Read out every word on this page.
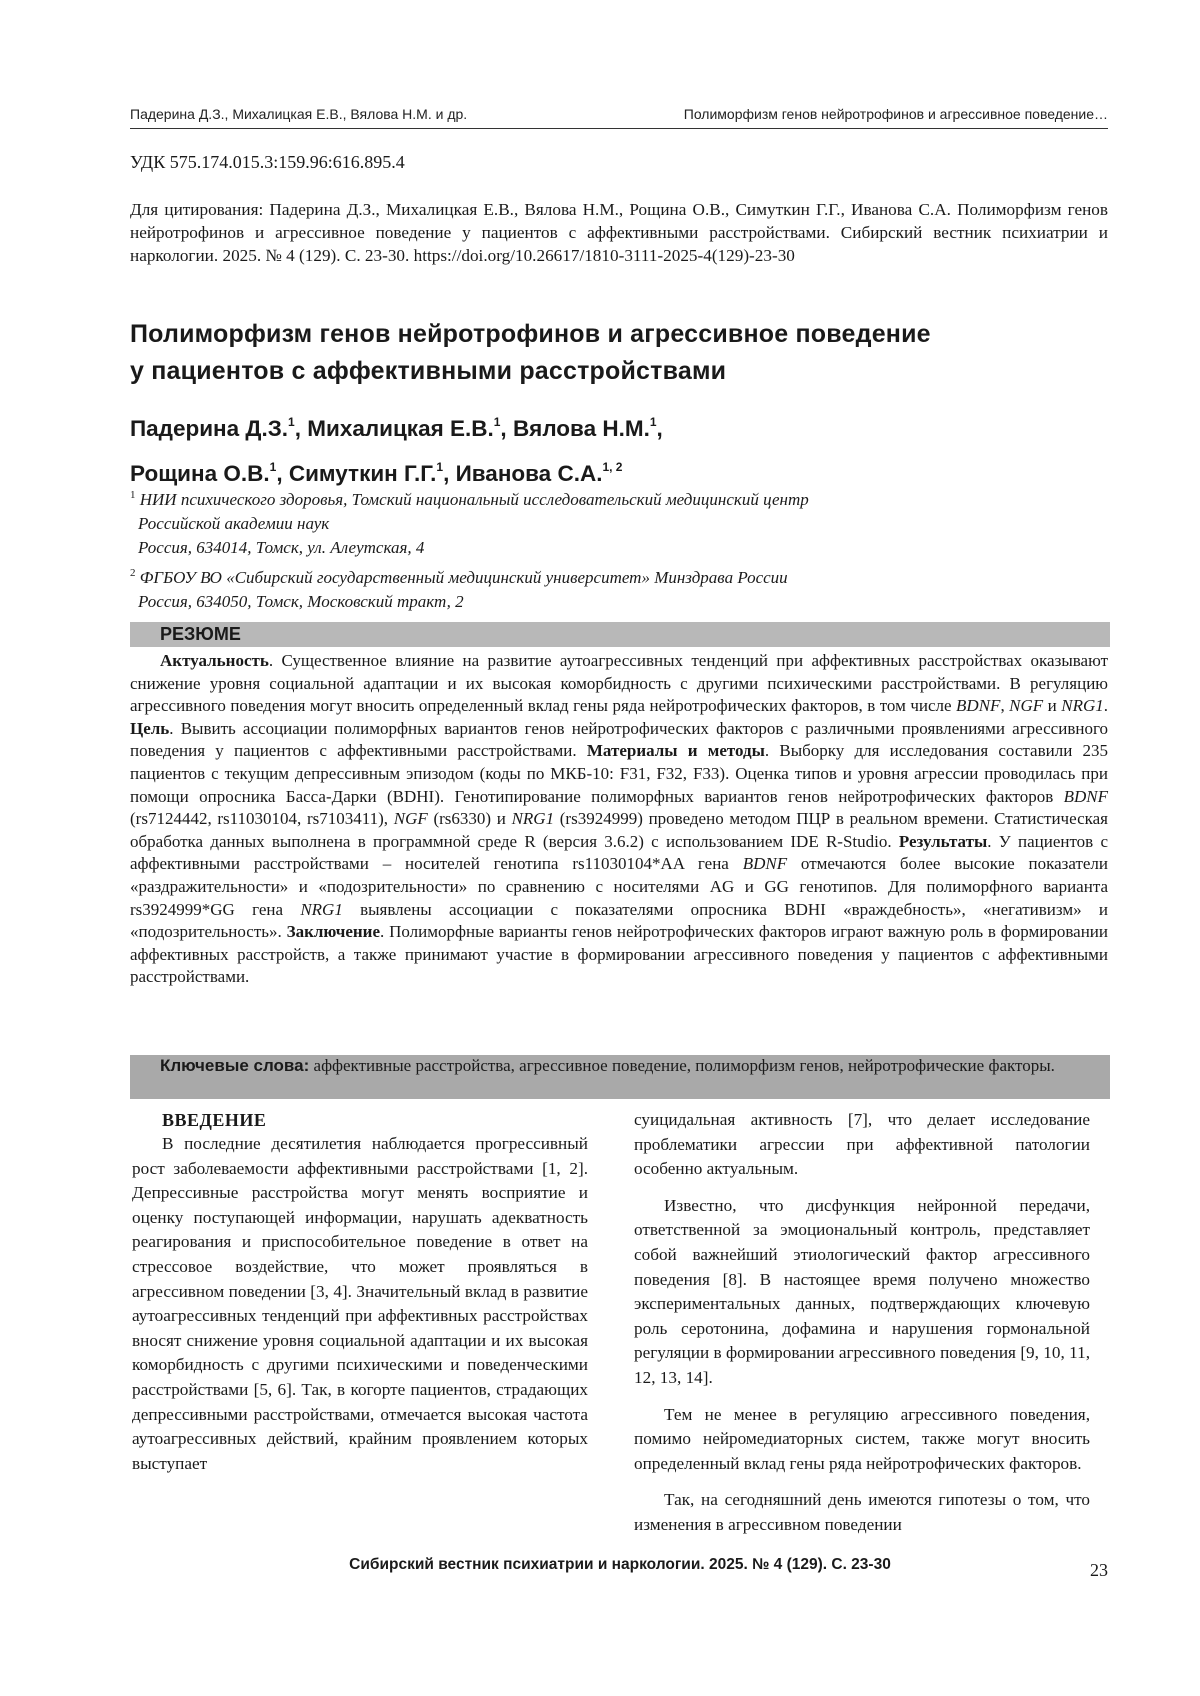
Падерина Д.З., Михалицкая Е.В., Вялова Н.М. и др.	Полиморфизм генов нейротрофинов и агрессивное поведение…
УДК 575.174.015.3:159.96:616.895.4
Для цитирования: Падерина Д.З., Михалицкая Е.В., Вялова Н.М., Рощина О.В., Симуткин Г.Г., Иванова С.А. Полиморфизм генов нейротрофинов и агрессивное поведение у пациентов с аффективными расстройствами. Сибирский вестник психиатрии и наркологии. 2025. № 4 (129). С. 23-30. https://doi.org/10.26617/1810-3111-2025-4(129)-23-30
Полиморфизм генов нейротрофинов и агрессивное поведение
у пациентов с аффективными расстройствами
Падерина Д.З.$^1$, Михалицкая Е.В.$^1$, Вялова Н.М.$^1$,
Рощина О.В.$^1$, Симуткин Г.Г.$^1$, Иванова С.А.$^{1, 2}$
$^1$ НИИ психического здоровья, Томский национальный исследовательский медицинский центр
Российской академии наук
Россия, 634014, Томск, ул. Алеутская, 4
$^2$ ФГБОУ ВО «Сибирский государственный медицинский университет» Минздрава России
Россия, 634050, Томск, Московский тракт, 2
РЕЗЮМЕ

Актуальность. Существенное влияние на развитие аутоагрессивных тенденций при аффективных расстройствах оказывают снижение уровня социальной адаптации и их высокая коморбидность с другими психическими расстройствами. В регуляцию агрессивного поведения могут вносить определенный вклад гены ряда нейротрофических факторов, в том числе BDNF, NGF и NRG1. Цель. Вывить ассоциации полиморфных вариантов генов нейротрофических факторов с различными проявлениями агрессивного поведения у пациентов с аффективными расстройствами. Материалы и методы. Выборку для исследования составили 235 пациентов с текущим депрессивным эпизодом (коды по МКБ-10: F31, F32, F33). Оценка типов и уровня агрессии проводилась при помощи опросника Басса-Дарки (BDHI). Генотипирование полиморфных вариантов генов нейротрофических факторов BDNF (rs7124442, rs11030104, rs7103411), NGF (rs6330) и NRG1 (rs3924999) проведено методом ПЦР в реальном времени. Статистическая обработка данных выполнена в программной среде R (версия 3.6.2) с использованием IDE R-Studio. Результаты. У пациентов с аффективными расстройствами – носителей генотипа rs11030104*AA гена BDNF отмечаются более высокие показатели «раздражительности» и «подозрительности» по сравнению с носителями AG и GG генотипов. Для полиморфного варианта rs3924999*GG гена NRG1 выявлены ассоциации с показателями опросника BDHI «враждебность», «негативизм» и «подозрительность». Заключение. Полиморфные варианты генов нейротрофических факторов играют важную роль в формировании аффективных расстройств, а также принимают участие в формировании агрессивного поведения у пациентов с аффективными расстройствами.

Ключевые слова: аффективные расстройства, агрессивное поведение, полиморфизм генов, нейротрофические факторы.
ВВЕДЕНИЕ

В последние десятилетия наблюдается прогрессивный рост заболеваемости аффективными расстройствами [1, 2]. Депрессивные расстройства могут менять восприятие и оценку поступающей информации, нарушать адекватность реагирования и приспособительное поведение в ответ на стрессовое воздействие, что может проявляться в агрессивном поведении [3, 4]. Значительный вклад в развитие аутоагрессивных тенденций при аффективных расстройствах вносят снижение уровня социальной адаптации и их высокая коморбидность с другими психическими и поведенческими расстройствами [5, 6]. Так, в когорте пациентов, страдающих депрессивными расстройствами, отмечается высокая частота аутоагрессивных действий, крайним проявлением которых выступает

суицидальная активность [7], что делает исследование проблематики агрессии при аффективной патологии особенно актуальным.

Известно, что дисфункция нейронной передачи, ответственной за эмоциональный контроль, представляет собой важнейший этиологический фактор агрессивного поведения [8]. В настоящее время получено множество экспериментальных данных, подтверждающих ключевую роль серотонина, дофамина и нарушения гормональной регуляции в формировании агрессивного поведения [9, 10, 11, 12, 13, 14].

Тем не менее в регуляцию агрессивного поведения, помимо нейромедиаторных систем, также могут вносить определенный вклад гены ряда нейротрофических факторов.

Так, на сегодняшний день имеются гипотезы о том, что изменения в агрессивном поведении

Сибирский вестник психиатрии и наркологии. 2025. № 4 (129). С. 23-30	23
